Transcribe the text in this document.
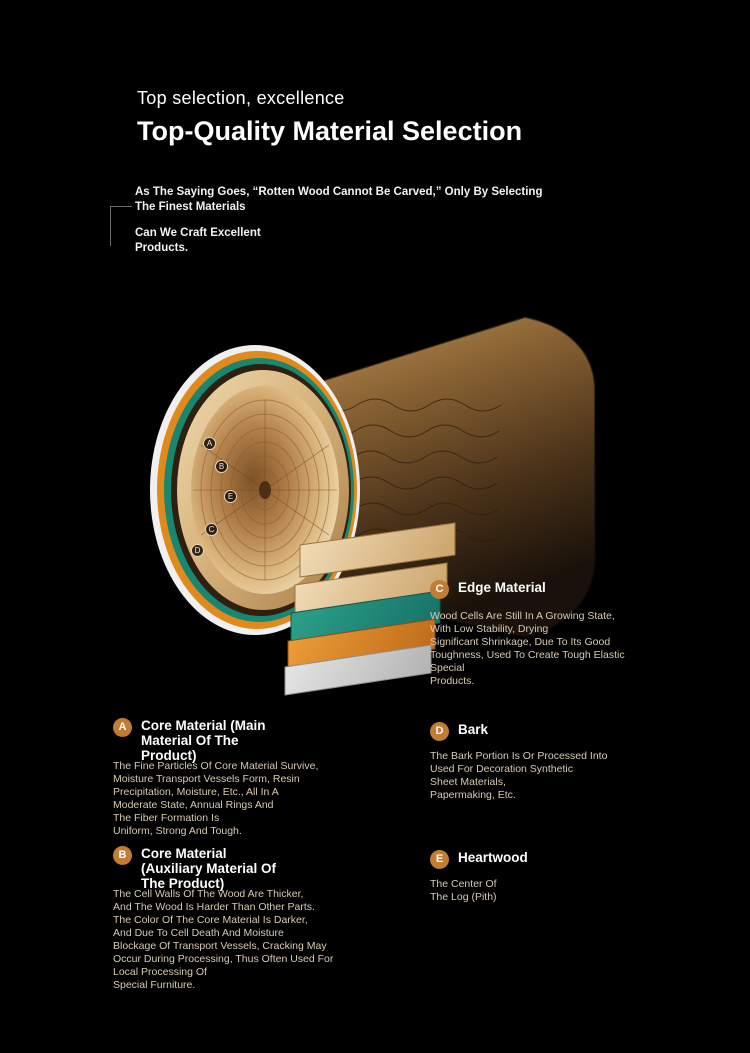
Top selection, excellence
Top-Quality Material Selection
As The Saying Goes, “Rotten Wood Cannot Be Carved,” Only By Selecting The Finest Materials
Can We Craft Excellent Products.
A
B
E
C
D
C	Edge Material
Wood Cells Are Still In A Growing State,
With Low Stability, Drying
Significant Shrinkage, Due To Its Good
Toughness, Used To Create Tough Elastic
Special
Products.
A	Core Material (Main Material Of The Product)
The Fine Particles Of Core Material Survive,
Moisture Transport Vessels Form, Resin
Precipitation, Moisture, Etc., All In A
Moderate State, Annual Rings And
The Fiber Formation Is
Uniform, Strong And Tough.
B	Core Material (Auxiliary Material Of The Product)
The Cell Walls Of The Wood Are Thicker,
And The Wood Is Harder Than Other Parts.
The Color Of The Core Material Is Darker,
And Due To Cell Death And Moisture
Blockage Of Transport Vessels, Cracking May
Occur During Processing, Thus Often Used For
Local Processing Of
Special Furniture.
D	Bark
The Bark Portion Is Or Processed Into
Used For Decoration Synthetic
Sheet Materials,
Papermaking, Etc.
E	Heartwood
The Center Of
The Log (Pith)
